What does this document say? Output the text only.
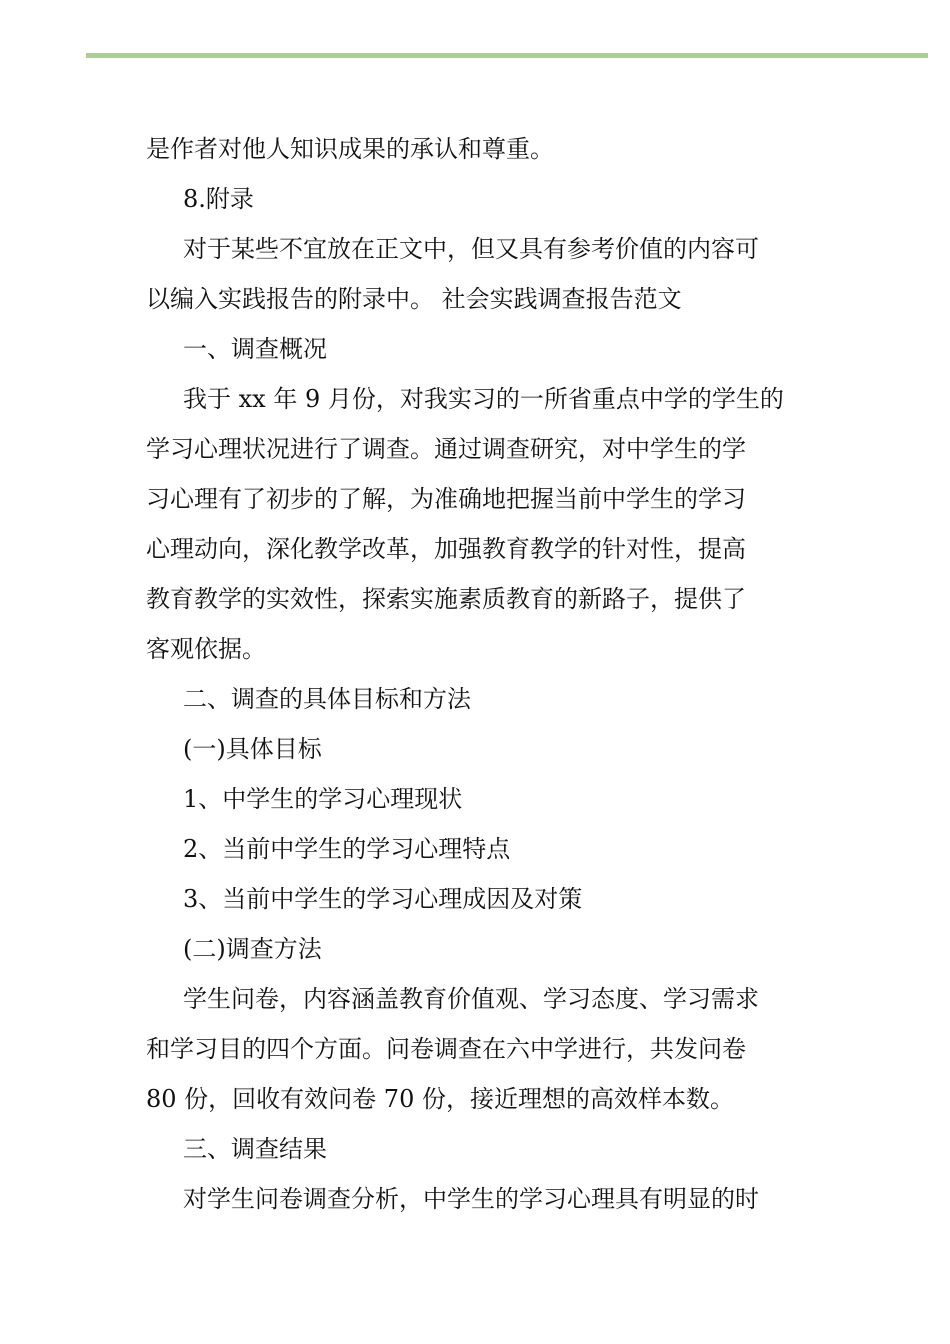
是作者对他人知识成果的承认和尊重。
8.附录
对于某些不宜放在正文中，但又具有参考价值的内容可
以编入实践报告的附录中。 社会实践调查报告范文
一、调查概况
我于 xx 年 9 月份，对我实习的一所省重点中学的学生的
学习心理状况进行了调查。通过调查研究，对中学生的学
习心理有了初步的了解，为准确地把握当前中学生的学习
心理动向，深化教学改革，加强教育教学的针对性，提高
教育教学的实效性，探索实施素质教育的新路子，提供了
客观依据。
二、调查的具体目标和方法
(一)具体目标
1、中学生的学习心理现状
2、当前中学生的学习心理特点
3、当前中学生的学习心理成因及对策
(二)调查方法
学生问卷，内容涵盖教育价值观、学习态度、学习需求
和学习目的四个方面。问卷调查在六中学进行，共发问卷
80 份，回收有效问卷 70 份，接近理想的高效样本数。
三、调查结果
对学生问卷调查分析，中学生的学习心理具有明显的时
